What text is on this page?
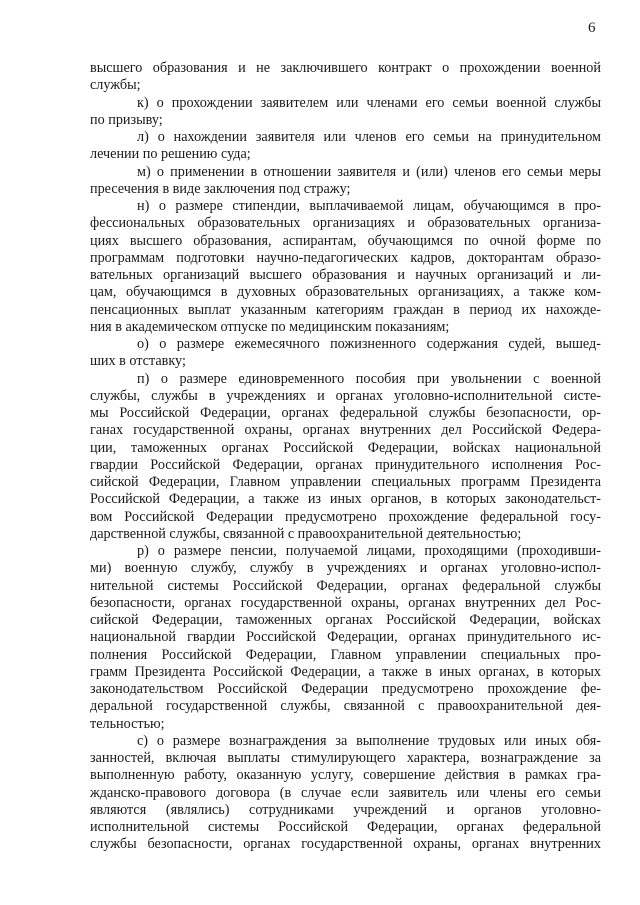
6
высшего образования и не заключившего контракт о прохождении военной
службы;
к) о прохождении заявителем или членами его семьи военной службы
по призыву;
л) о нахождении заявителя или членов его семьи на принудительном
лечении по решению суда;
м) о применении в отношении заявителя и (или) членов его семьи меры
пресечения в виде заключения под стражу;
н) о размере стипендии, выплачиваемой лицам, обучающимся в про-
фессиональных образовательных организациях и образовательных организа-
циях высшего образования, аспирантам, обучающимся по очной форме по
программам подготовки научно-педагогических кадров, докторантам образо-
вательных организаций высшего образования и научных организаций и ли-
цам, обучающимся в духовных образовательных организациях, а также ком-
пенсационных выплат указанным категориям граждан в период их нахожде-
ния в академическом отпуске по медицинским показаниям;
о) о размере ежемесячного пожизненного содержания судей, вышед-
ших в отставку;
п) о размере единовременного пособия при увольнении с военной
службы, службы в учреждениях и органах уголовно-исполнительной систе-
мы Российской Федерации, органах федеральной службы безопасности, ор-
ганах государственной охраны, органах внутренних дел Российской Федера-
ции, таможенных органах Российской Федерации, войсках национальной
гвардии Российской Федерации, органах принудительного исполнения Рос-
сийской Федерации, Главном управлении специальных программ Президента
Российской Федерации, а также из иных органов, в которых законодательст-
вом Российской Федерации предусмотрено прохождение федеральной госу-
дарственной службы, связанной с правоохранительной деятельностью;
р) о размере пенсии, получаемой лицами, проходящими (проходивши-
ми) военную службу, службу в учреждениях и органах уголовно-испол-
нительной системы Российской Федерации, органах федеральной службы
безопасности, органах государственной охраны, органах внутренних дел Рос-
сийской Федерации, таможенных органах Российской Федерации, войсках
национальной гвардии Российской Федерации, органах принудительного ис-
полнения Российской Федерации, Главном управлении специальных про-
грамм Президента Российской Федерации, а также в иных органах, в которых
законодательством Российской Федерации предусмотрено прохождение фе-
деральной государственной службы, связанной с правоохранительной дея-
тельностью;
с) о размере вознаграждения за выполнение трудовых или иных обя-
занностей, включая выплаты стимулирующего характера, вознаграждение за
выполненную работу, оказанную услугу, совершение действия в рамках гра-
жданско-правового договора (в случае если заявитель или члены его семьи
являются (являлись) сотрудниками учреждений и органов уголовно-
исполнительной системы Российской Федерации, органах федеральной
службы безопасности, органах государственной охраны, органах внутренних
